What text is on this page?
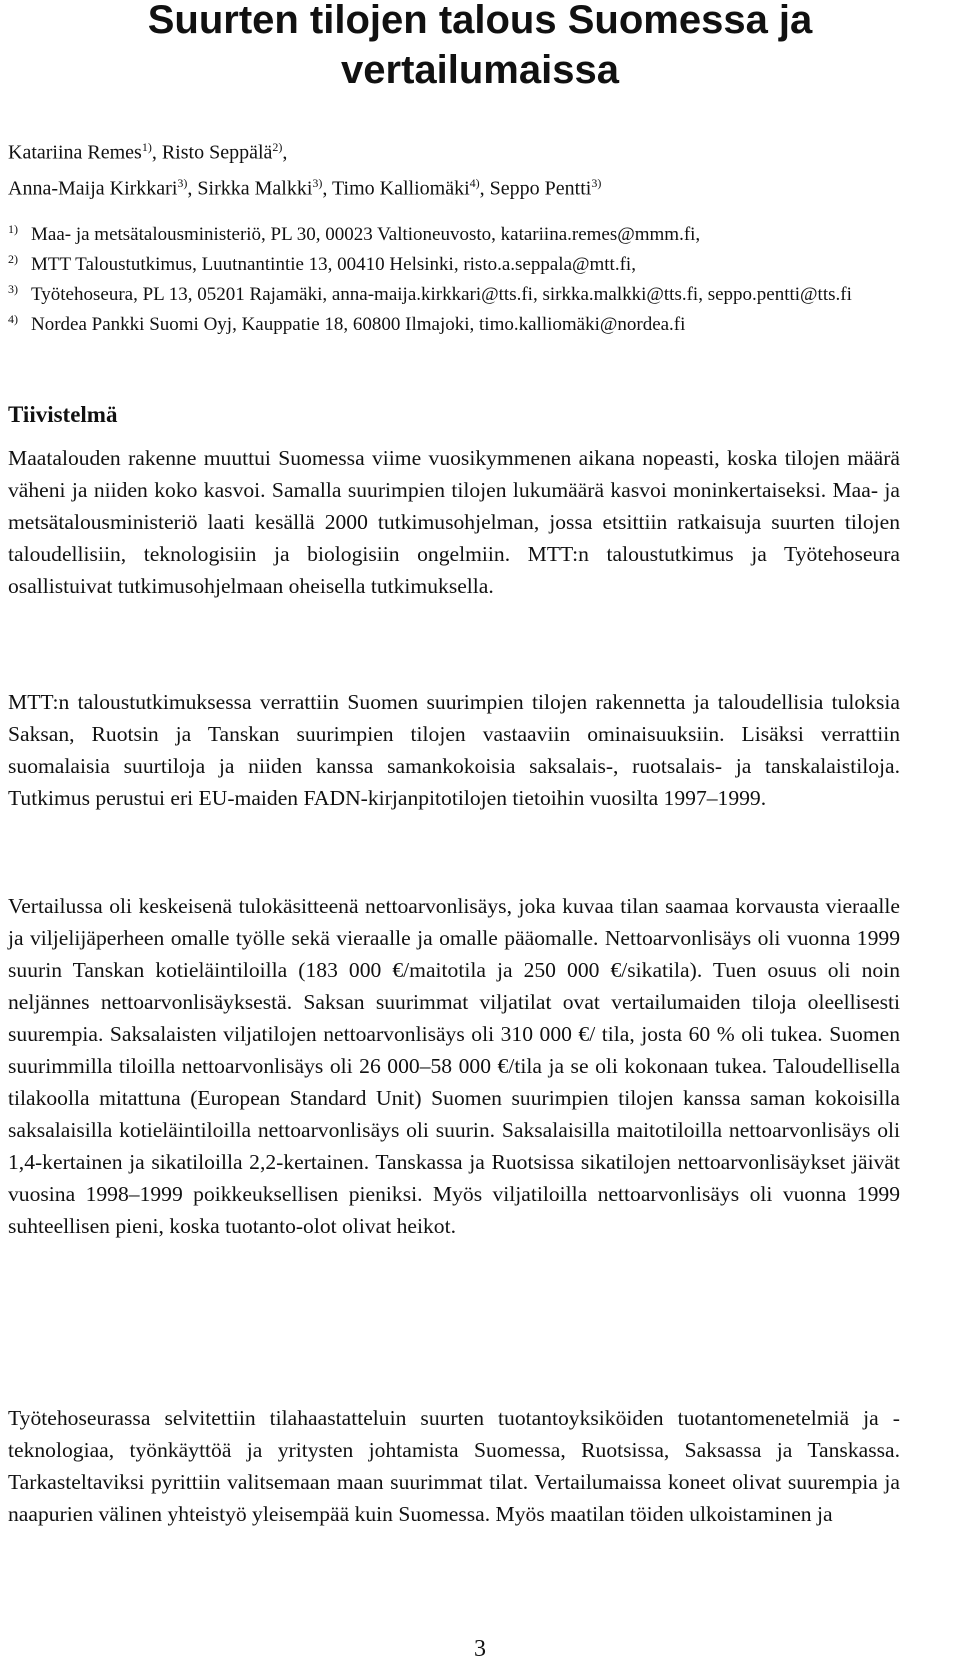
Suurten tilojen talous Suomessa ja
vertailumaissa
Katariina Remes$^{1)}$, Risto Seppälä$^{2)}$,
Anna-Maija Kirkkari$^{3)}$, Sirkka Malkki$^{3)}$, Timo Kalliomäki$^{4)}$, Seppo Pentti$^{3)}$
1) Maa- ja metsätalousministeriö, PL 30, 00023 Valtioneuvosto, katariina.remes@mmm.fi,
2) MTT Taloustutkimus, Luutnantintie 13, 00410 Helsinki, risto.a.seppala@mtt.fi,
3) Työtehoseura, PL 13, 05201 Rajamäki, anna-maija.kirkkari@tts.fi, sirkka.malkki@tts.fi, seppo.pentti@tts.fi
4) Nordea Pankki Suomi Oyj, Kauppatie 18, 60800 Ilmajoki, timo.kalliomäki@nordea.fi
Tiivistelmä

Maatalouden rakenne muuttui Suomessa viime vuosikymmenen aikana nopeasti, koska tilojen määrä väheni ja niiden koko kasvoi. Samalla suurimpien tilojen lukumäärä kasvoi moninkertaiseksi. Maa- ja metsätalousministeriö laati kesällä 2000 tutkimusohjelman, jossa etsittiin ratkaisuja suurten tilojen taloudellisiin, teknologisiin ja biologisiin ongelmiin. MTT:n taloustutkimus ja Työtehoseura osallistuivat tutkimusohjelmaan oheisella tutkimuksella.

MTT:n taloustutkimuksessa verrattiin Suomen suurimpien tilojen rakennetta ja taloudellisia tuloksia Saksan, Ruotsin ja Tanskan suurimpien tilojen vastaaviin ominaisuuksiin. Lisäksi verrattiin suomalaisia suurtiloja ja niiden kanssa samankokoisia saksalais-, ruotsalais- ja tanskalaistiloja. Tutkimus perustui eri EU-maiden FADN-kirjanpitotilojen tietoihin vuosilta 1997–1999.

Vertailussa oli keskeisenä tulokäsitteenä nettoarvonlisäys, joka kuvaa tilan saamaa korvausta vieraalle ja viljelijäperheen omalle työlle sekä vieraalle ja omalle pääomalle. Nettoarvonlisäys oli vuonna 1999 suurin Tanskan kotieläintiloilla (183 000 €/maitotila ja 250 000 €/sikatila). Tuen osuus oli noin neljännes nettoarvonlisäyksestä. Saksan suurimmat viljatilat ovat vertailumaiden tiloja oleellisesti suurempia. Saksalaisten viljatilojen nettoarvonlisäys oli 310 000 €/ tila, josta 60 % oli tukea. Suomen suurimmilla tiloilla nettoarvonlisäys oli 26 000–58 000 €/tila ja se oli kokonaan tukea. Taloudellisella tilakoolla mitattuna (European Standard Unit) Suomen suurimpien tilojen kanssa saman kokoisilla saksalaisilla kotieläintiloilla nettoarvonlisäys oli suurin. Saksalaisilla maitotiloilla nettoarvonlisäys oli 1,4-kertainen ja sikatiloilla 2,2-kertainen. Tanskassa ja Ruotsissa sikatilojen nettoarvonlisäykset jäivät vuosina 1998–1999 poikkeuksellisen pieniksi. Myös viljatiloilla nettoarvonlisäys oli vuonna 1999 suhteellisen pieni, koska tuotanto-olot olivat heikot.

Työtehoseurassa selvitettiin tilahaastatteluin suurten tuotantoyksiköiden tuotantomenetelmiä ja -teknologiaa, työnkäyttöä ja yritysten johtamista Suomessa, Ruotsissa, Saksassa ja Tanskassa. Tarkasteltaviksi pyrittiin valitsemaan maan suurimmat tilat. Vertailumaissa koneet olivat suurempia ja naapurien välinen yhteistyö yleisempää kuin Suomessa. Myös maatilan töiden ulkoistaminen ja

3
